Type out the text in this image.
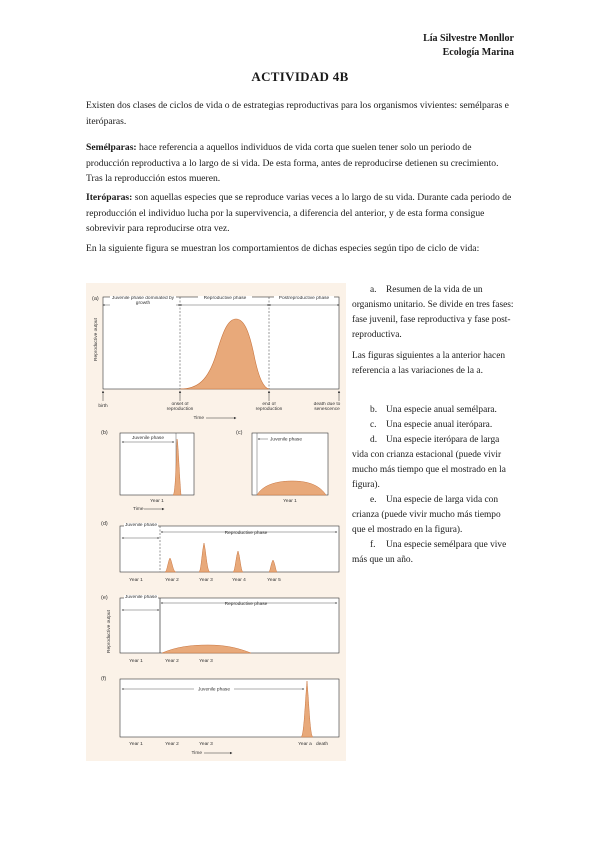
Lía Silvestre Monllor
Ecología Marina
ACTIVIDAD 4B
Existen dos clases de ciclos de vida o de estrategias reproductivas para los organismos vivientes: semélparas e iteróparas.
Semélparas: hace referencia a aquellos individuos de vida corta que suelen tener solo un periodo de producción reproductiva a lo largo de si vida. De esta forma, antes de reproducirse detienen su crecimiento. Tras la reproducción estos mueren.
Iteróparas: son aquellas especies que se reproduce varias veces a lo largo de su vida. Durante cada periodo de reproducción el individuo lucha por la supervivencia, a diferencia del anterior, y de esta forma consigue sobrevivir para reproducirse otra vez.
En la siguiente figura se muestran los comportamientos de dichas especies según tipo de ciclo de vida:
(a)	Juvenile phase dominated by growth
Reproductive phase	Postreproductive phase
Reproductive output
birth	onset of reproduction
end of reproduction
death due to senescence
Time
(b)
Juvenile phase
Year 1
Time
(c)
Juvenile phase
Year 1
(d)	Juvenile phase
Reproductive phase
Year 1	Year 2	Year 3	Year 4	Year 5
(e)	Juvenile phase
Reproductive phase
Reproductive output
Year 1	Year 2	Year 3
(f)
Juvenile phase
Year 1	Year 2	Year 3	Year a death
Time
a. Resumen de la vida de un organismo unitario. Se divide en tres fases: fase juvenil, fase reproductiva y fase post-reproductiva.
Las figuras siguientes a la anterior hacen referencia a las variaciones de la a.
b. Una especie anual semélpara.
c. Una especie anual iterópara.
d. Una especie iterópara de larga vida con crianza estacional (puede vivir mucho más tiempo que el mostrado en la figura).
e. Una especie de larga vida con crianza (puede vivir mucho más tiempo que el mostrado en la figura).
f. Una especie semélpara que vive más que un año.
